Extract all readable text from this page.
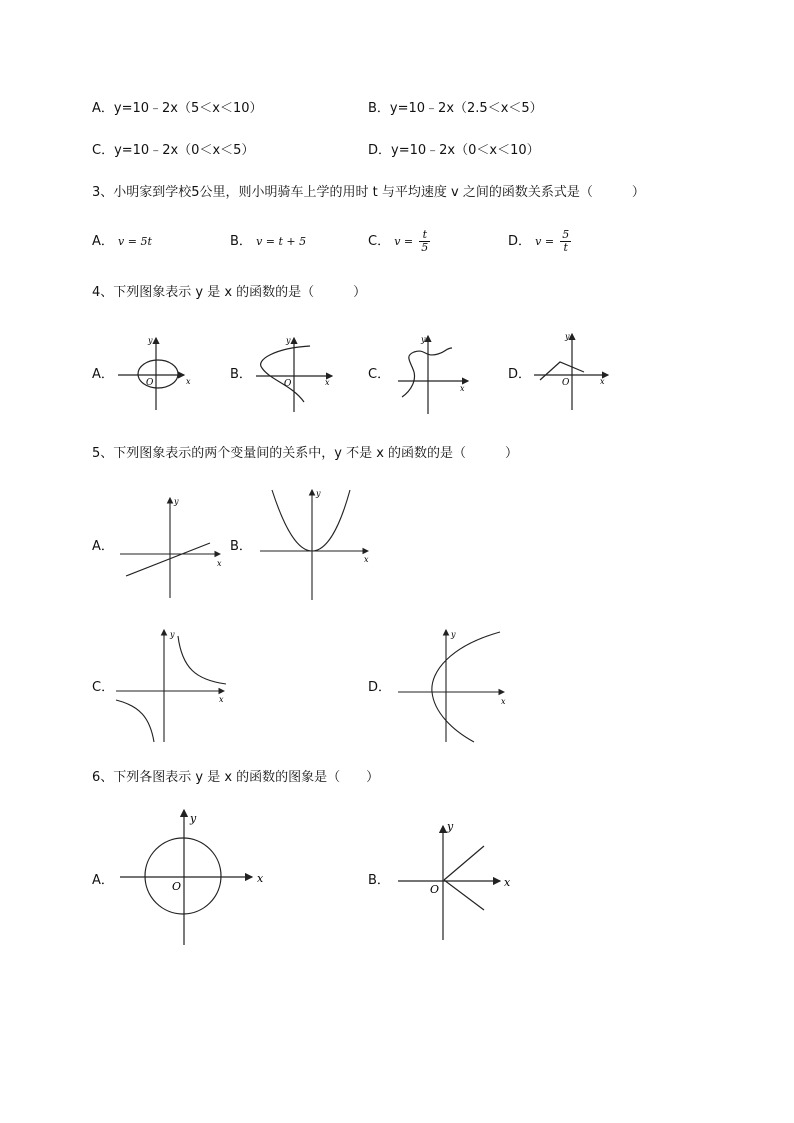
A．y=10﹣2x（5＜x＜10）	B．y=10﹣2x（2.5＜x＜5）
C．y=10﹣2x（0＜x＜5）	D．y=10﹣2x（0＜x＜10）
3、小明家到学校5公里，则小明骑车上学的用时 t 与平均速度 v 之间的函数关系式是（　　　）
A． v = 5t	B． v = t + 5	C． $v = \frac{t}{5}$	D． $v = \frac{5}{t}$
4、下列图象表示 y 是 x 的函数的是（　　　）
A．	B．	C．	D．
x
y
O	x
y
O	x
y
x
y
O
5、下列图象表示的两个变量间的关系中，y 不是 x 的函数的是（　　　）
A．	B．
C．	D．
x
y
x
y
x
y
x
y
6、下列各图表示 y 是 x 的函数的图象是（　　）
A．	B．
x
y
O	x
y
O
